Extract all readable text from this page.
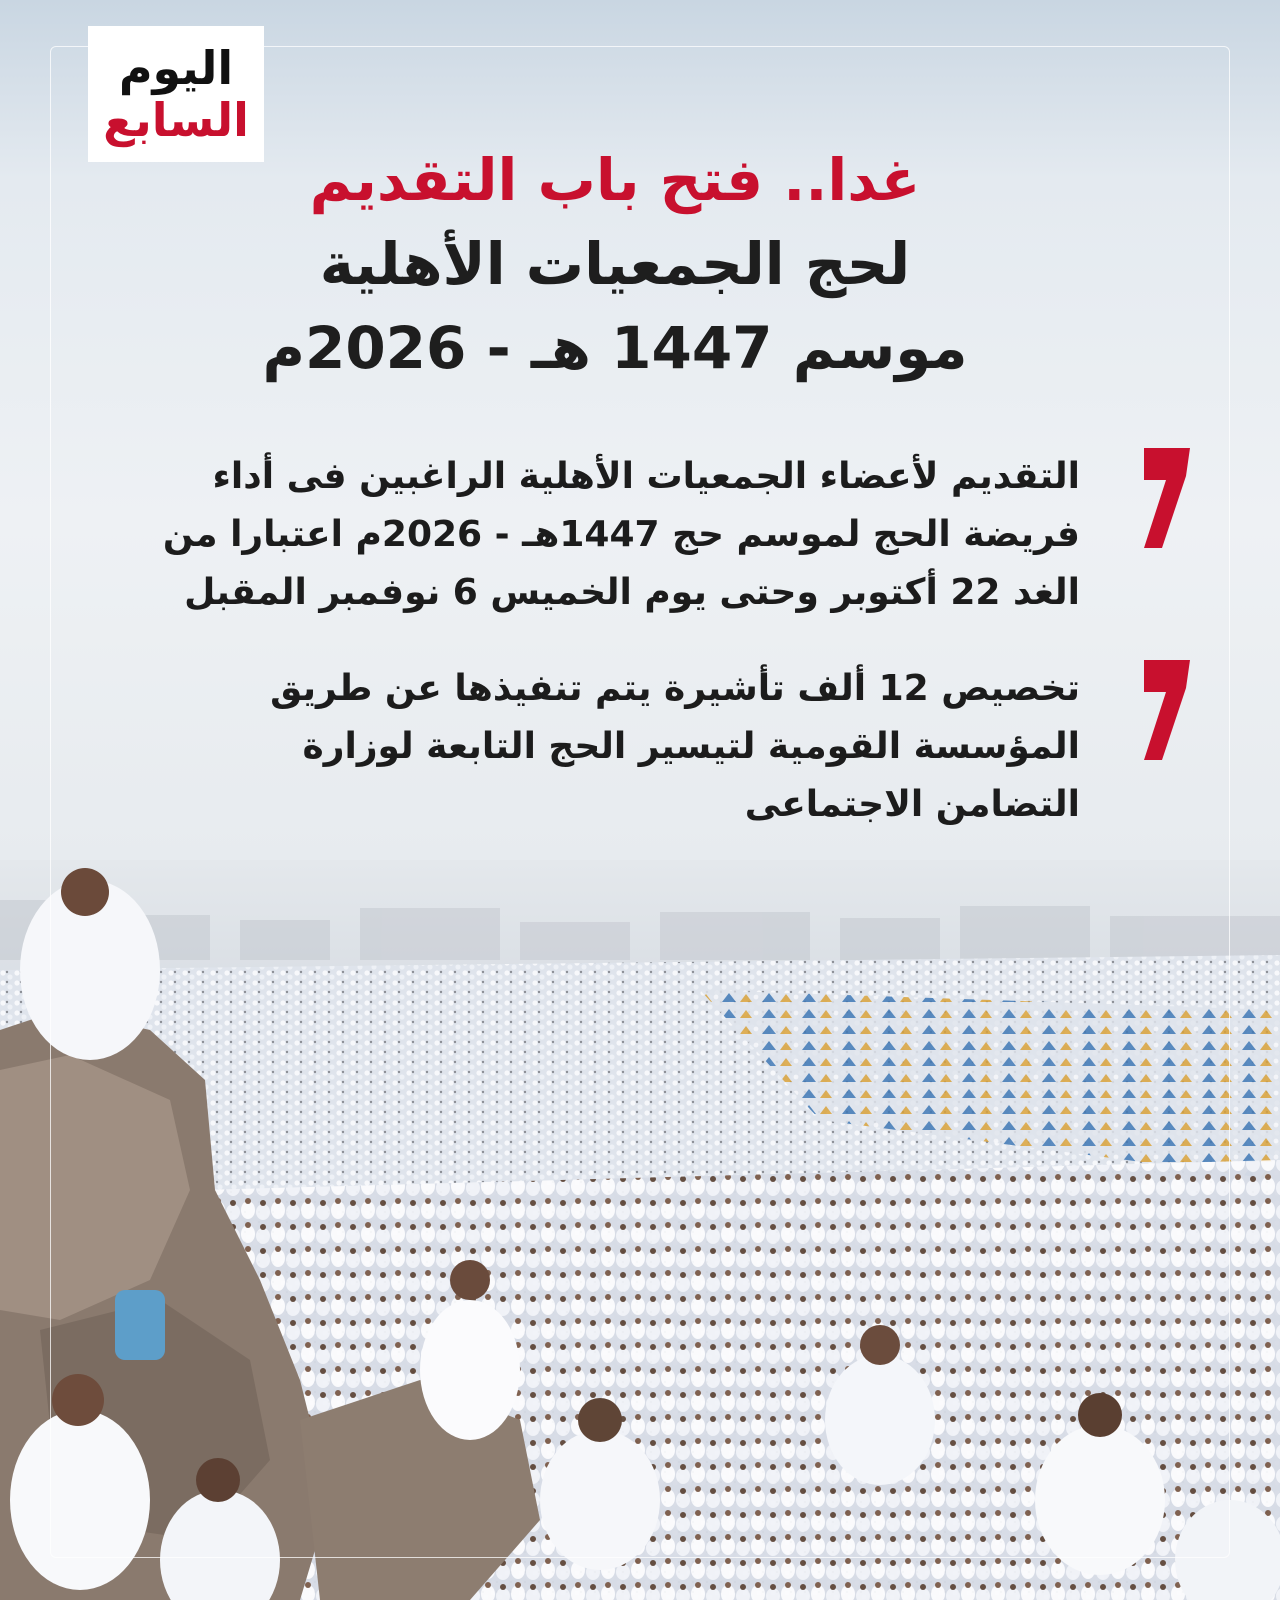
اليوم
السابع
غدا.. فتح باب التقديم
لحج الجمعيات الأهلية
موسم 1447 هـ - 2026م
التقديم لأعضاء الجمعيات الأهلية الراغبين فى أداء
فريضة الحج لموسم حج 1447هـ - 2026م اعتبارا من
الغد 22 أكتوبر وحتى يوم الخميس 6 نوفمبر المقبل
تخصيص 12 ألف تأشيرة يتم تنفيذها عن طريق
المؤسسة القومية لتيسير الحج التابعة لوزارة
التضامن الاجتماعى
